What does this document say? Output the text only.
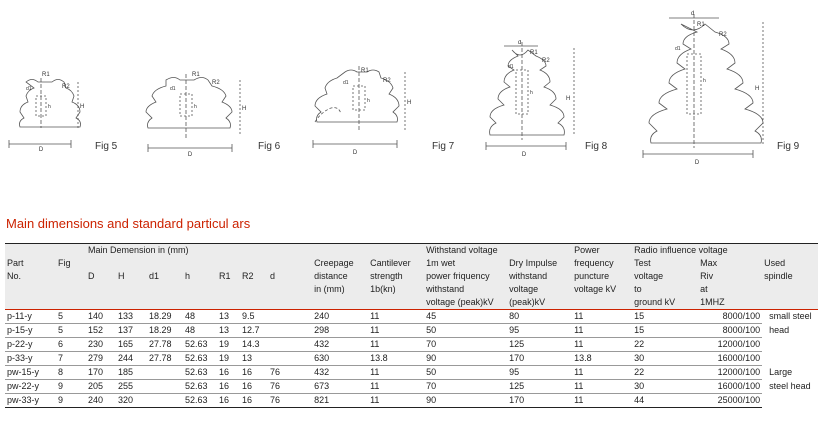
D
H
h
R1
R2
d1
Fig 5
D
H
h
R1
R2
d1
Fig 6
D
H
h
R1
R2
d1
Fig 7
D
H
h
d
R1
R2
d1
Fig 8
D
H
h
d
R1
R2
d1
Fig 9
Main dimensions and standard particul ars
		Main Demension in (mm)									Withstand voltage		Power	Radio influence voltage		
Part	Fig								Creepage	Cantilever	1m wet	Dry Impulse	frequency	Test	Max	Used
No.		D	H	d1	h	R1	R2	d	distance	strength	power friquency	withstand	puncture	voltage	Riv	spindle
									in (mm)	1b(kn)	withstand	voltage	voltage kV	to	at	
											voltage (peak)kV	(peak)kV		ground kV	1MHZ	
p-11-y	5	140	133	18.29	48	13	9.5		240	11	45	80	11	15	8000/100	small steel
p-15-y	5	152	137	18.29	48	13	12.7		298	11	50	95	11	15	8000/100	head
p-22-y	6	230	165	27.78	52.63	19	14.3		432	11	70	125	11	22	12000/100	
p-33-y	7	279	244	27.78	52.63	19	13		630	13.8	90	170	13.8	30	16000/100	
pw-15-y	8	170	185		52.63	16	16	76	432	11	50	95	11	22	12000/100	Large
pw-22-y	9	205	255		52.63	16	16	76	673	11	70	125	11	30	16000/100	steel head
pw-33-y	9	240	320		52.63	16	16	76	821	11	90	170	11	44	25000/100	
